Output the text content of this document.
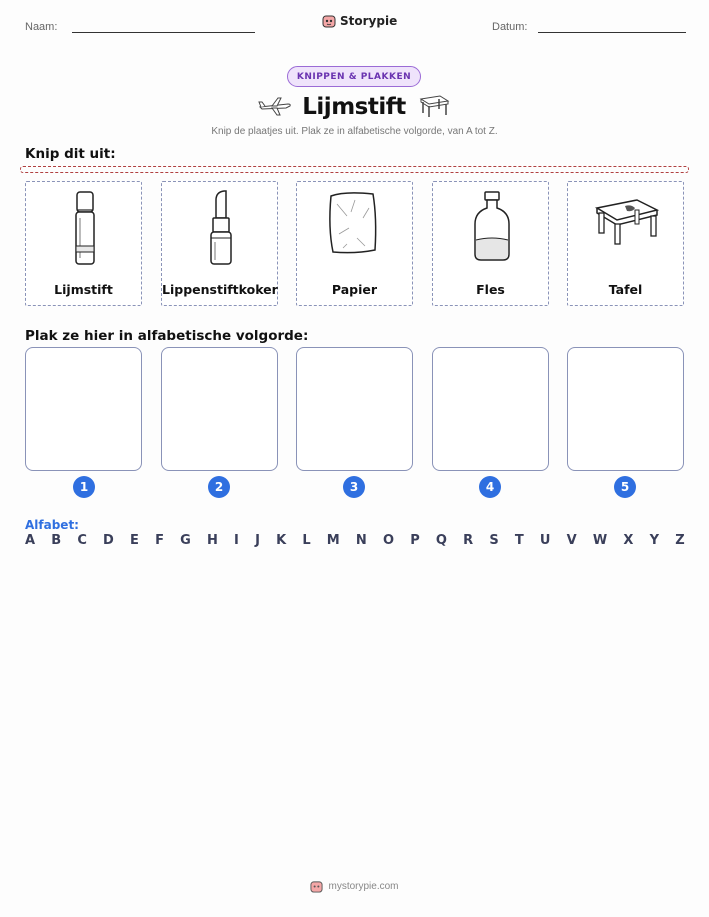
Naam:	Storypie	Datum:
KNIPPEN & PLAKKEN
Lijmstift
Knip de plaatjes uit. Plak ze in alfabetische volgorde, van A tot Z.
Knip dit uit:
Lijmstift	Lippenstiftkoker	Papier	Fles	Tafel
Plak ze hier in alfabetische volgorde:
1	2	3	4	5
Alfabet:
A B C D E F G H I J K L M N O P Q R S T U V W X Y Z
mystorypie.com
